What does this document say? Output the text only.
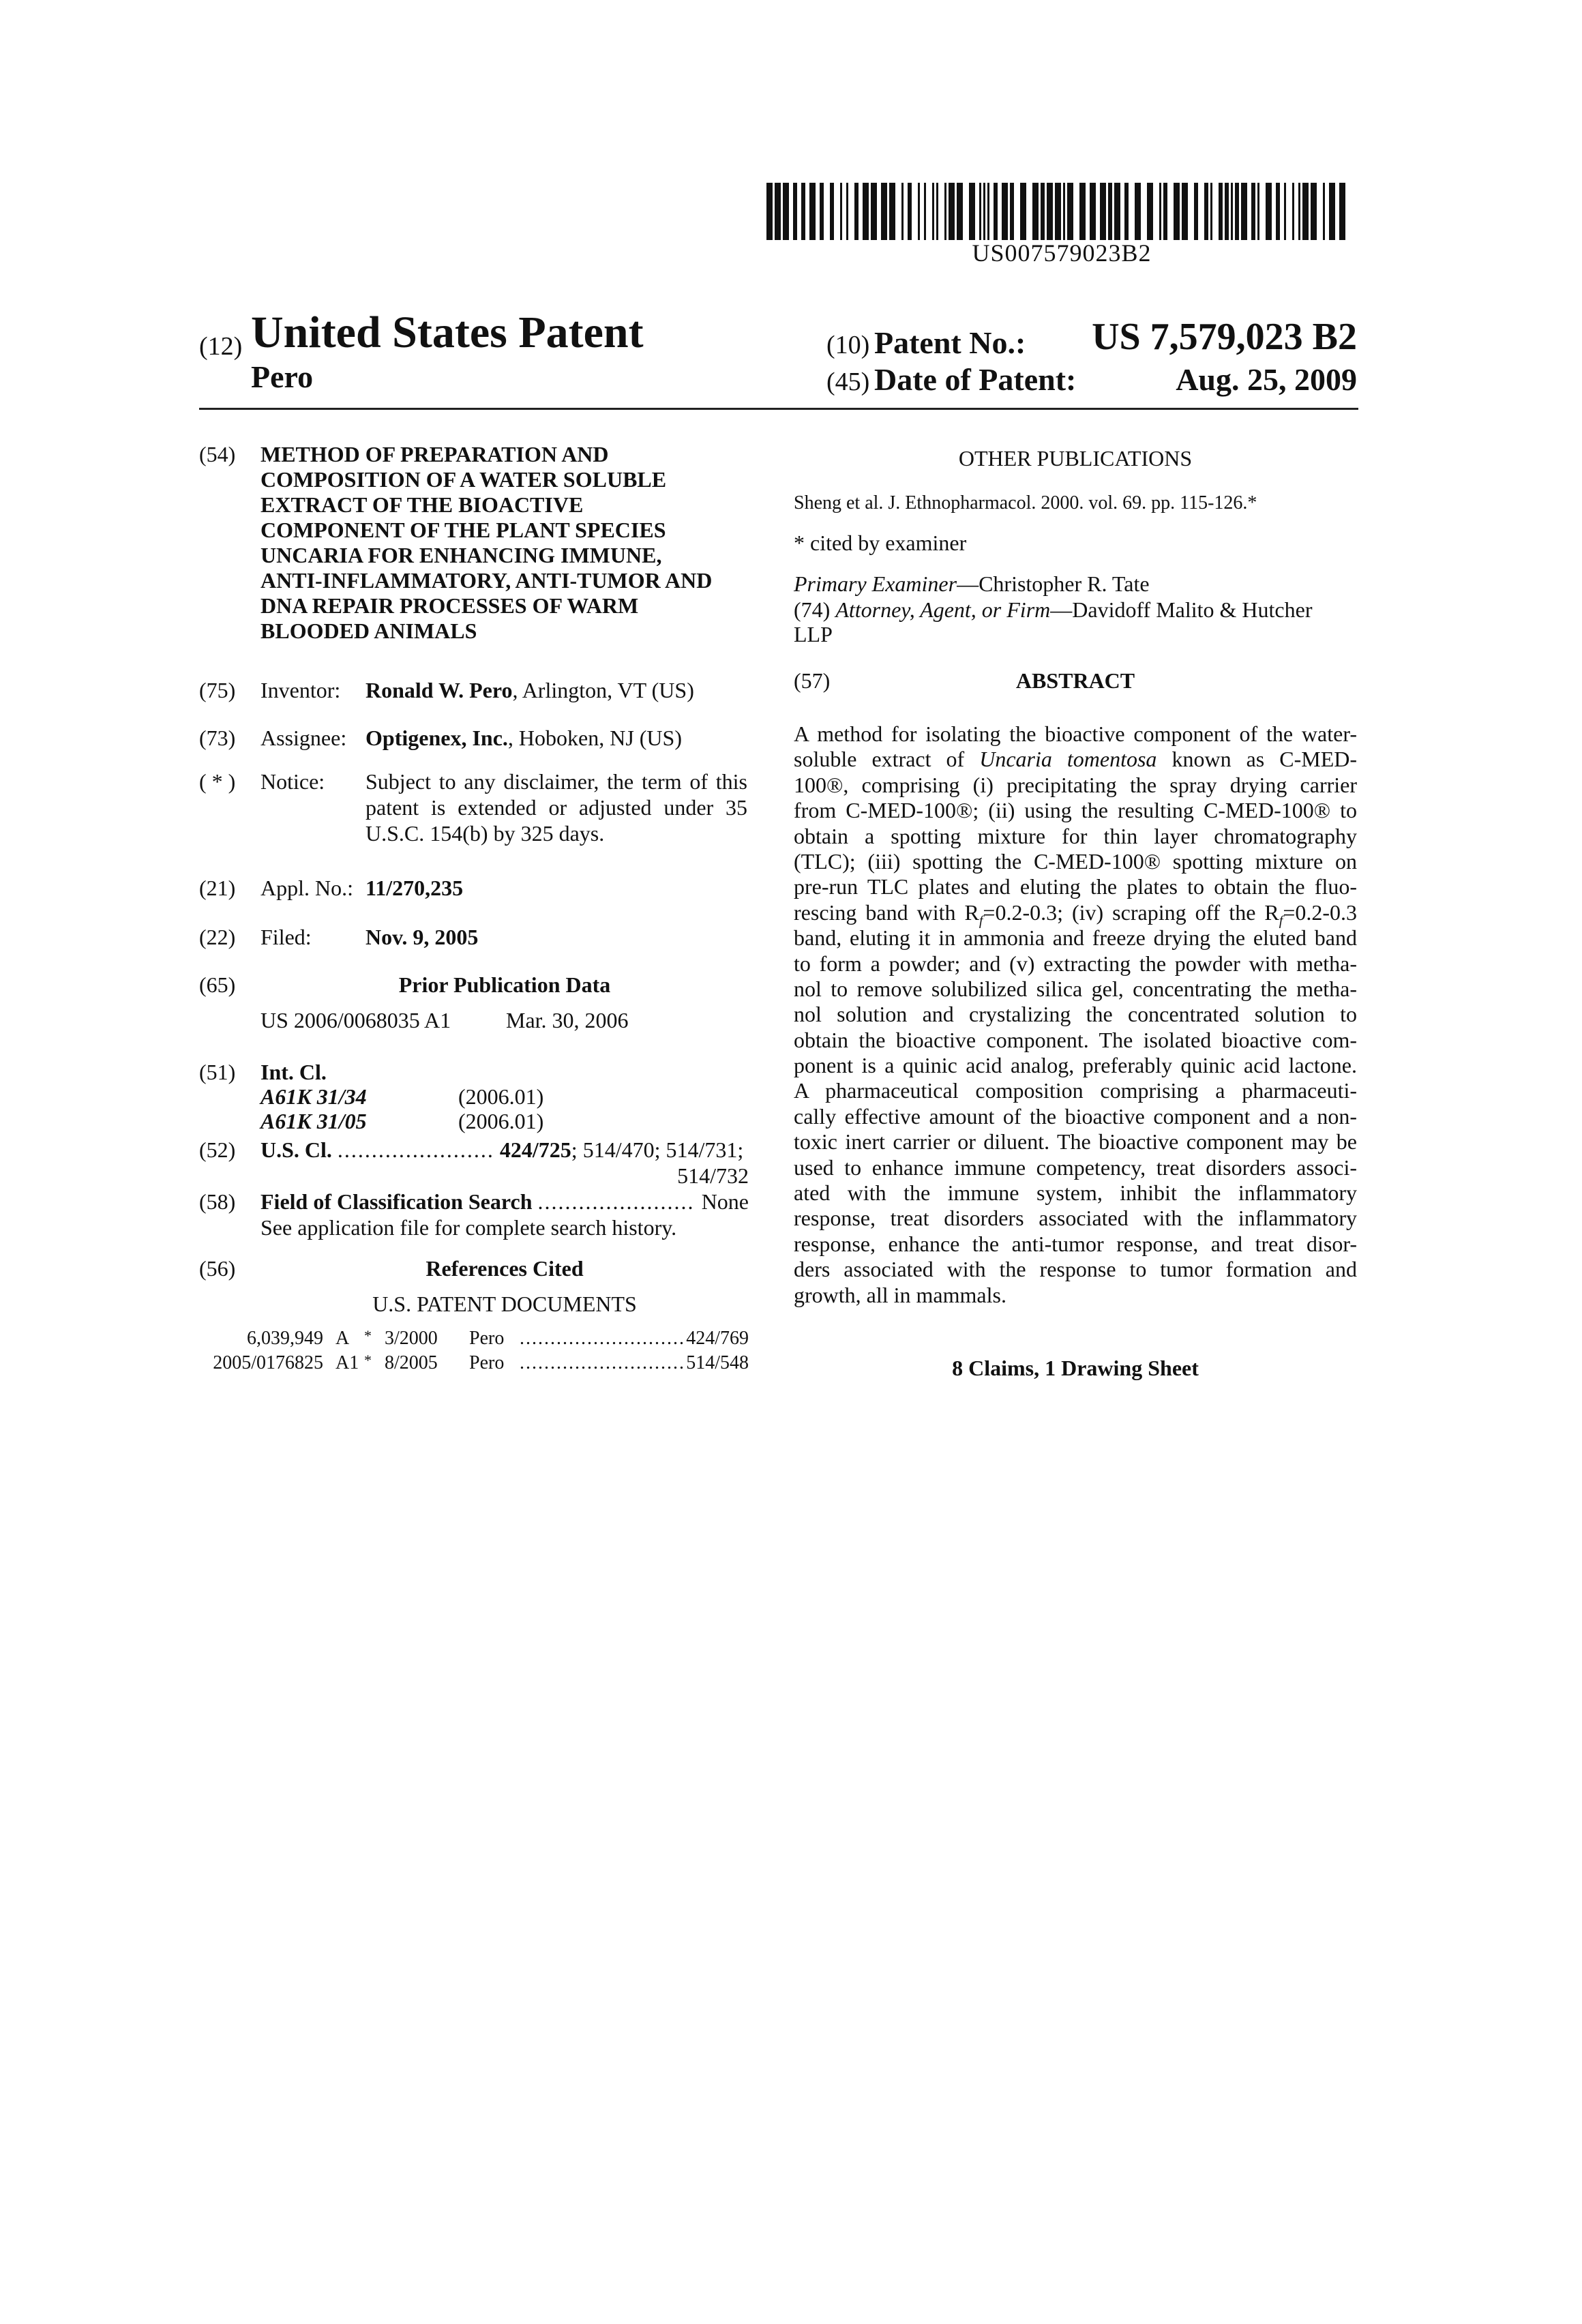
US007579023B2
(12) United States Patent
Pero
(10) Patent No.: US 7,579,023 B2
(45) Date of Patent:	Aug. 25, 2009
(54) METHOD OF PREPARATION AND
COMPOSITION OF A WATER SOLUBLE
EXTRACT OF THE BIOACTIVE
COMPONENT OF THE PLANT SPECIES
UNCARIA FOR ENHANCING IMMUNE,
ANTI-INFLAMMATORY, ANTI-TUMOR AND
DNA REPAIR PROCESSES OF WARM
BLOODED ANIMALS
(75) Inventor: Ronald W. Pero, Arlington, VT (US)
(73) Assignee: Optigenex, Inc., Hoboken, NJ (US)
( * ) Notice: Subject to any disclaimer, the term of this
patent is extended or adjusted under 35
U.S.C. 154(b) by 325 days.
(21) Appl. No.: 11/270,235
(22) Filed: Nov. 9, 2005
(65)	Prior Publication Data
US 2006/0068035 A1	Mar. 30, 2006
(51) Int. Cl.
A61K 31/34	(2006.01)
A61K 31/05	(2006.01)
(52) U.S. Cl. ....................... 424/725; 514/470; 514/731;
514/732
(58) Field of Classification Search ....................... None
See application file for complete search history.
(56)	References Cited
U.S. PATENT DOCUMENTS
6,039,949 A * 3/2000 Pero ........................... 424/769
2005/0176825 A1 * 8/2005 Pero ........................... 514/548
OTHER PUBLICATIONS
Sheng et al. J. Ethnopharmacol. 2000. vol. 69. pp. 115-126.*
* cited by examiner
Primary Examiner—Christopher R. Tate
(74) Attorney, Agent, or Firm—Davidoff Malito & Hutcher
LLP
(57)	ABSTRACT
A method for isolating the bioactive component of the water-
soluble extract of Uncaria tomentosa known as C-MED-
100®, comprising (i) precipitating the spray drying carrier
from C-MED-100®; (ii) using the resulting C-MED-100® to
obtain a spotting mixture for thin layer chromatography
(TLC); (iii) spotting the C-MED-100® spotting mixture on
pre-run TLC plates and eluting the plates to obtain the fluo-
rescing band with $R_f=0.2-0.3$; (iv) scraping off the $R_f=0.2-0.3$
band, eluting it in ammonia and freeze drying the eluted band
to form a powder; and (v) extracting the powder with metha-
nol to remove solubilized silica gel, concentrating the metha-
nol solution and crystalizing the concentrated solution to
obtain the bioactive component. The isolated bioactive com-
ponent is a quinic acid analog, preferably quinic acid lactone.
A pharmaceutical composition comprising a pharmaceuti-
cally effective amount of the bioactive component and a non-
toxic inert carrier or diluent. The bioactive component may be
used to enhance immune competency, treat disorders associ-
ated with the immune system, inhibit the inflammatory
response, treat disorders associated with the inflammatory
response, enhance the anti-tumor response, and treat disor-
ders associated with the response to tumor formation and
growth, all in mammals.
8 Claims, 1 Drawing Sheet
